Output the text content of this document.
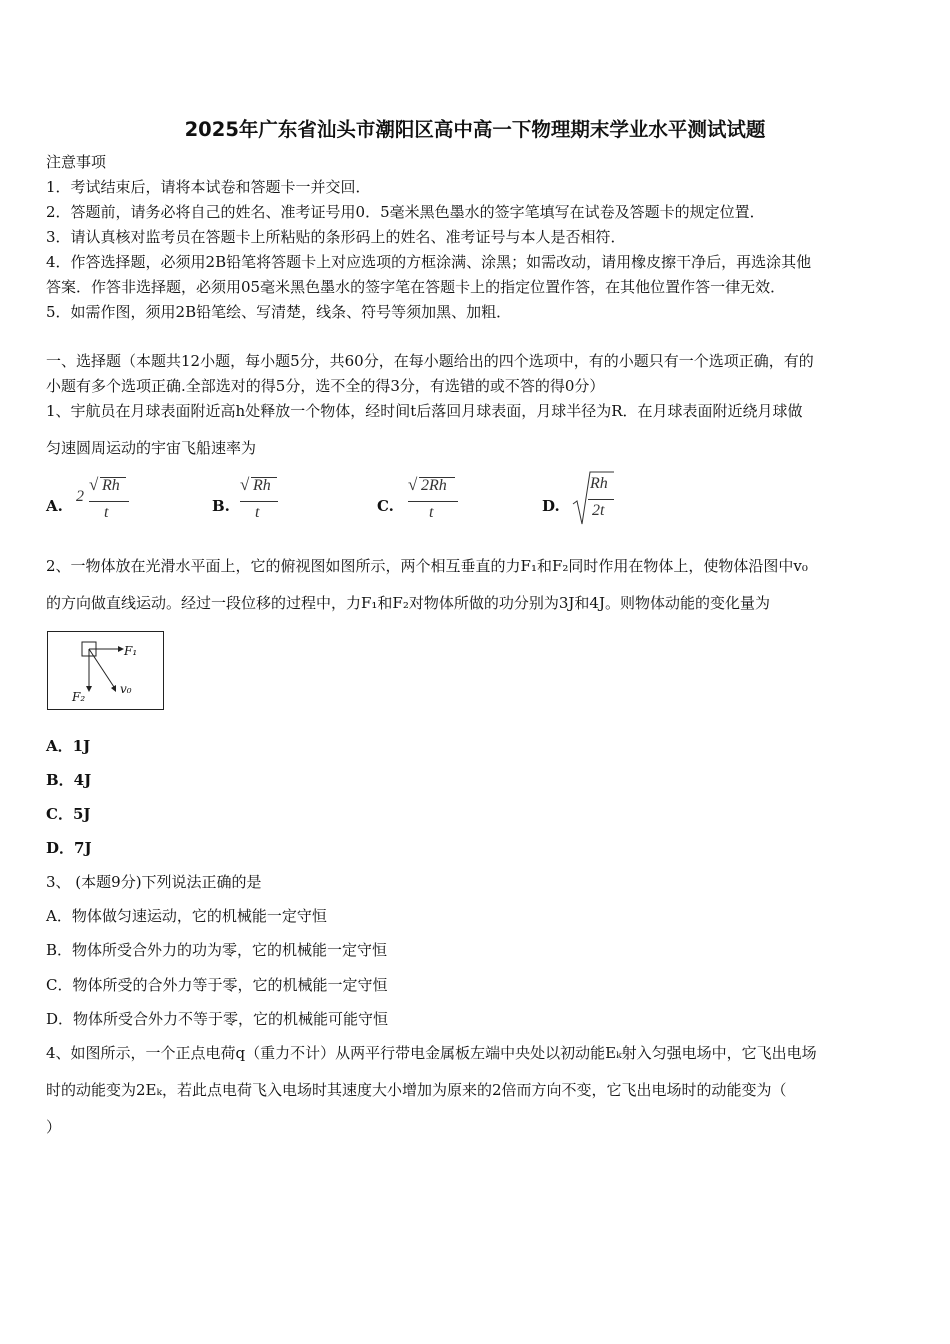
2025年广东省汕头市潮阳区高中高一下物理期末学业水平测试试题
注意事项
1．考试结束后，请将本试卷和答题卡一并交回．
2．答题前，请务必将自己的姓名、准考证号用0．5毫米黑色墨水的签字笔填写在试卷及答题卡的规定位置．
3．请认真核对监考员在答题卡上所粘贴的条形码上的姓名、准考证号与本人是否相符．
4．作答选择题，必须用2B铅笔将答题卡上对应选项的方框涂满、涂黑；如需改动，请用橡皮擦干净后，再选涂其他
答案．作答非选择题，必须用05毫米黑色墨水的签字笔在答题卡上的指定位置作答，在其他位置作答一律无效．
5．如需作图，须用2B铅笔绘、写清楚，线条、符号等须加黑、加粗．
一、选择题（本题共12小题，每小题5分，共60分，在每小题给出的四个选项中，有的小题只有一个选项正确，有的
小题有多个选项正确.全部选对的得5分，选不全的得3分，有选错的或不答的得0分）
1、宇航员在月球表面附近高h处释放一个物体，经时间t后落回月球表面，月球半径为R．在月球表面附近绕月球做
匀速圆周运动的宇宙飞船速率为
A.
2
√ Rh
t	B.
√ Rh
t	C.
√ 2Rh
t	D.
Rh
2t
2、一物体放在光滑水平面上，它的俯视图如图所示，两个相互垂直的力F₁和F₂同时作用在物体上，使物体沿图中v₀
的方向做直线运动。经过一段位移的过程中，力F₁和F₂对物体所做的功分别为3J和4J。则物体动能的变化量为
F₁
F₂
v₀
A．1J
B．4J
C．5J
D．7J
3、 (本题9分)下列说法正确的是
A．物体做匀速运动，它的机械能一定守恒
B．物体所受合外力的功为零，它的机械能一定守恒
C．物体所受的合外力等于零，它的机械能一定守恒
D．物体所受合外力不等于零，它的机械能可能守恒
4、如图所示，一个正点电荷q（重力不计）从两平行带电金属板左端中央处以初动能Eₖ射入匀强电场中，它飞出电场
时的动能变为2Eₖ，若此点电荷飞入电场时其速度大小增加为原来的2倍而方向不变，它飞出电场时的动能变为（
）
